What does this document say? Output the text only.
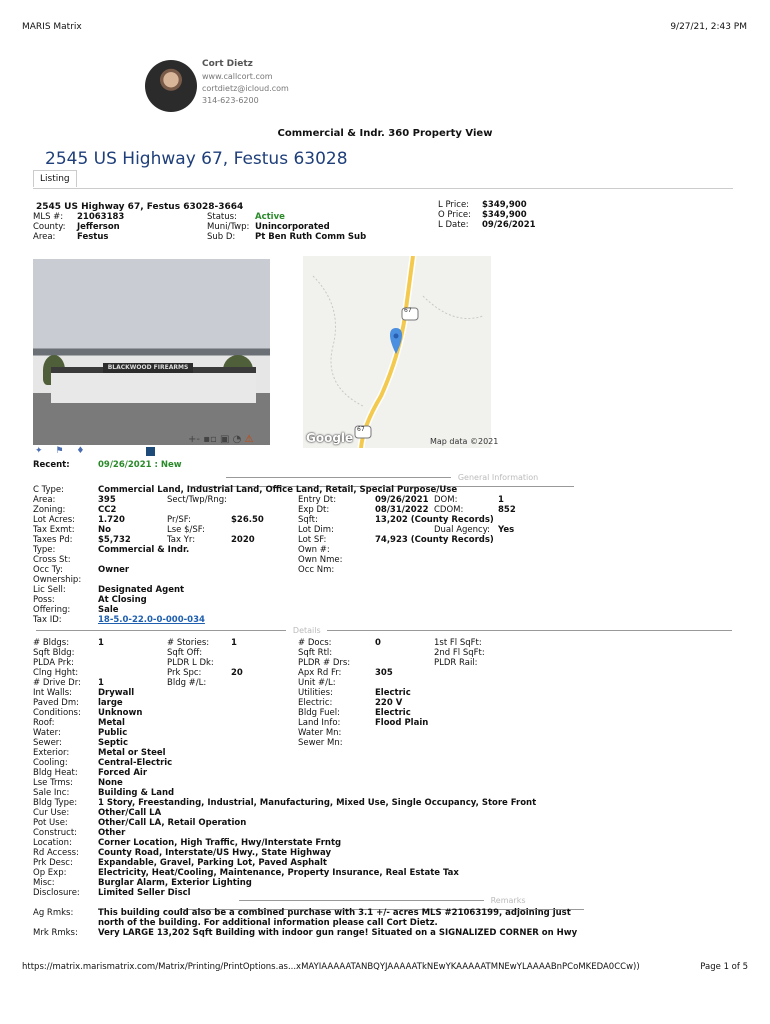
MARIS Matrix	9/27/21, 2:43 PM
Cort Dietz
www.callcort.com
cortdietz@icloud.com
314-623-6200
Commercial & Indr. 360 Property View
2545 US Highway 67, Festus 63028
Listing
2545 US Highway 67, Festus 63028-3664
MLS #: 21063183
County: Jefferson
Area:	Festus
Status: Active
Muni/Twp: Unincorporated
Sub D: Pt Ben Ruth Comm Sub
L Price: $349,900
O Price: $349,900
L Date: 09/26/2021
BLACKWOOD FIREARMS
67
67
Google	Map data ©2021
+- ▪▫ ▣ ◔ ⚠
✦ ⚑ ♦
Recent:	09/26/2021 : New
General Information
C Type:	Commercial Land, Industrial Land, Office Land, Retail, Special Purpose/Use
Area:	395	Sect/Twp/Rng:	Entry Dt:	09/26/2021 DOM:	1
Zoning:	CC2	Exp Dt:	08/31/2022 CDOM:	852
Lot Acres:	1.720	Pr/SF:	$26.50	Sqft:	13,202 (County Records)
Tax Exmt:	No	Lse $/SF:	Lot Dim:	Dual Agency: Yes
Taxes Pd:	$5,732	Tax Yr:	2020	Lot SF:	74,923 (County Records)
Type:	Commercial & Indr.	Own #:
Cross St:	Own Nme:
Occ Ty:	Owner	Occ Nm:
Ownership:
Lic Sell:	Designated Agent
Poss:	At Closing
Offering:	Sale
Tax ID:	18-5.0-22.0-0-000-034
Details
# Bldgs:	1	# Stories:	1	# Docs:	0	1st Fl SqFt:
Sqft Bldg:	Sqft Off:	Sqft Rtl:	2nd Fl SqFt:
PLDA Prk:	PLDR L Dk:	PLDR # Drs:	PLDR Rail:
Clng Hght:	Prk Spc:	20	Apx Rd Fr:	305
# Drive Dr: 1	Bldg #/L:	Unit #/L:
Int Walls:	Drywall	Utilities:	Electric
Paved Dm: large	Electric:	220 V
Conditions: Unknown	Bldg Fuel:	Electric
Roof:	Metal	Land Info:	Flood Plain
Water:	Public	Water Mn:
Sewer:	Septic	Sewer Mn:
Exterior:	Metal or Steel
Cooling:	Central-Electric
Bldg Heat: Forced Air
Lse Trms:	None
Sale Inc:	Building & Land
Bldg Type: 1 Story, Freestanding, Industrial, Manufacturing, Mixed Use, Single Occupancy, Store Front
Cur Use:	Other/Call LA
Pot Use:	Other/Call LA, Retail Operation
Construct: Other
Location:	Corner Location, High Traffic, Hwy/Interstate Frntg
Rd Access: County Road, Interstate/US Hwy., State Highway
Prk Desc:	Expandable, Gravel, Parking Lot, Paved Asphalt
Op Exp:	Electricity, Heat/Cooling, Maintenance, Property Insurance, Real Estate Tax
Misc:	Burglar Alarm, Exterior Lighting
Disclosure: Limited Seller Discl
Remarks
Ag Rmks:	This building could also be a combined purchase with 3.1 +/- acres MLS #21063199, adjoining just
north of the building. For additional information please call Cort Dietz.
Mrk Rmks: Very LARGE 13,202 Sqft Building with indoor gun range! Situated on a SIGNALIZED CORNER on Hwy
https://matrix.marismatrix.com/Matrix/Printing/PrintOptions.as...xMAYIAAAAATANBQYJAAAAATkNEwYKAAAAATMNEwYLAAAABnPCoMKEDA0CCw))	Page 1 of 5
